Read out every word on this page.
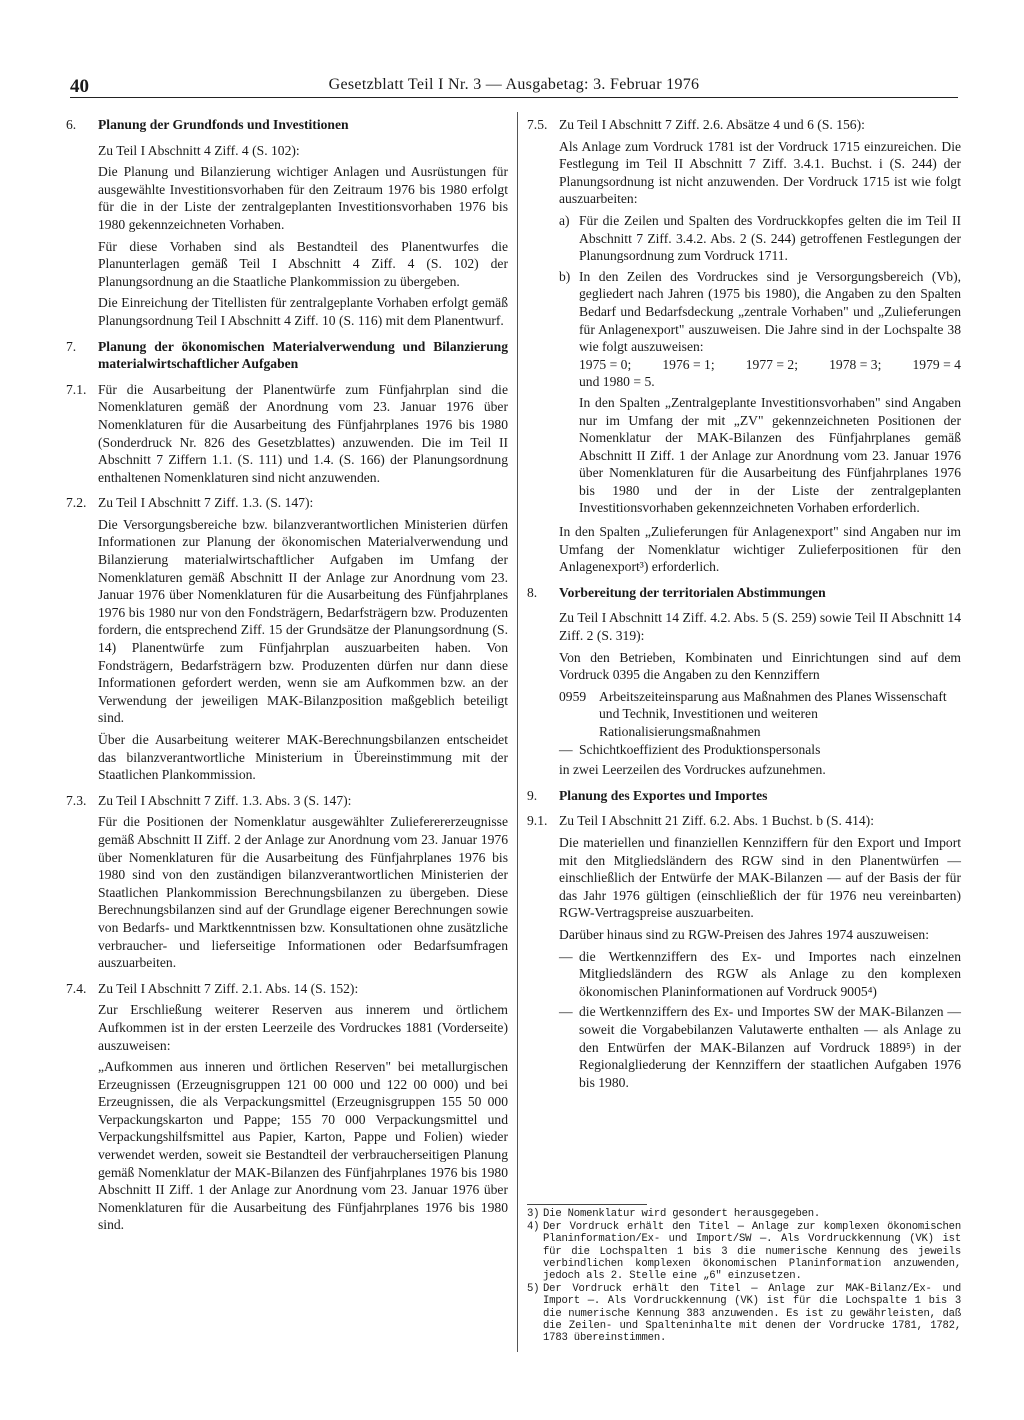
Gesetzblatt Teil I Nr. 3 — Ausgabetag: 3. Februar 1976
40
6. Planung der Grundfonds und Investitionen

Zu Teil I Abschnitt 4 Ziff. 4 (S. 102):

Die Planung und Bilanzierung wichtiger Anlagen und Ausrüstungen für ausgewählte Investitionsvorhaben für den Zeitraum 1976 bis 1980 erfolgt für die in der Liste der zentralgeplanten Investitionsvorhaben 1976 bis 1980 gekennzeichneten Vorhaben.

Für diese Vorhaben sind als Bestandteil des Planentwurfes die Planunterlagen gemäß Teil I Abschnitt 4 Ziff. 4 (S. 102) der Planungsordnung an die Staatliche Plankommission zu übergeben.

Die Einreichung der Titellisten für zentralgeplante Vorhaben erfolgt gemäß Planungsordnung Teil I Abschnitt 4 Ziff. 10 (S. 116) mit dem Planentwurf.

7. Planung der ökonomischen Materialverwendung und Bilanzierung materialwirtschaftlicher Aufgaben
7.1. Für die Ausarbeitung der Planentwürfe zum Fünfjahrplan sind die Nomenklaturen gemäß der Anordnung vom 23. Januar 1976 über Nomenklaturen für die Ausarbeitung des Fünfjahrplanes 1976 bis 1980 (Sonderdruck Nr. 826 des Gesetzblattes) anzuwenden. Die im Teil II Abschnitt 7 Ziffern 1.1. (S. 111) und 1.4. (S. 166) der Planungsordnung enthaltenen Nomenklaturen sind nicht anzuwenden.

7.2. Zu Teil I Abschnitt 7 Ziff. 1.3. (S. 147):

Die Versorgungsbereiche bzw. bilanzverantwortlichen Ministerien dürfen Informationen zur Planung der ökonomischen Materialverwendung und Bilanzierung materialwirtschaftlicher Aufgaben im Umfang der Nomenklaturen gemäß Abschnitt II der Anlage zur Anordnung vom 23. Januar 1976 über Nomenklaturen für die Ausarbeitung des Fünfjahrplanes 1976 bis 1980 nur von den Fondsträgern, Bedarfsträgern bzw. Produzenten fordern, die entsprechend Ziff. 15 der Grundsätze der Planungsordnung (S. 14) Planentwürfe zum Fünfjahrplan auszuarbeiten haben. Von Fondsträgern, Bedarfsträgern bzw. Produzenten dürfen nur dann diese Informationen gefordert werden, wenn sie am Aufkommen bzw. an der Verwendung der jeweiligen MAK-Bilanzposition maßgeblich beteiligt sind.

Über die Ausarbeitung weiterer MAK-Berechnungsbilanzen entscheidet das bilanzverantwortliche Ministerium in Übereinstimmung mit der Staatlichen Plankommission.

7.3. Zu Teil I Abschnitt 7 Ziff. 1.3. Abs. 3 (S. 147):

Für die Positionen der Nomenklatur ausgewählter Zulieferererzeugnisse gemäß Abschnitt II Ziff. 2 der Anlage zur Anordnung vom 23. Januar 1976 über Nomenklaturen für die Ausarbeitung des Fünfjahrplanes 1976 bis 1980 sind von den zuständigen bilanzverantwortlichen Ministerien der Staatlichen Plankommission Berechnungsbilanzen zu übergeben. Diese Berechnungsbilanzen sind auf der Grundlage eigener Berechnungen sowie von Bedarfs- und Marktkenntnissen bzw. Konsultationen ohne zusätzliche verbraucher- und lieferseitige Informationen oder Bedarfsumfragen auszuarbeiten.

7.4. Zu Teil I Abschnitt 7 Ziff. 2.1. Abs. 14 (S. 152):

Zur Erschließung weiterer Reserven aus innerem und örtlichem Aufkommen ist in der ersten Leerzeile des Vordruckes 1881 (Vorderseite) auszuweisen:

„Aufkommen aus inneren und örtlichen Reserven" bei metallurgischen Erzeugnissen (Erzeugnisgruppen 121 00 000 und 122 00 000) und bei Erzeugnissen, die als Verpackungsmittel (Erzeugnisgruppen 155 50 000 Verpackungskarton und Pappe; 155 70 000 Verpackungsmittel und Verpackungshilfsmittel aus Papier, Karton, Pappe und Folien) wieder verwendet werden, soweit sie Bestandteil der verbraucherseitigen Planung gemäß Nomenklatur der MAK-Bilanzen des Fünfjahrplanes 1976 bis 1980 Abschnitt II Ziff. 1 der Anlage zur Anordnung vom 23. Januar 1976 über Nomenklaturen für die Ausarbeitung des Fünfjahrplanes 1976 bis 1980 sind.

7.5. Zu Teil I Abschnitt 7 Ziff. 2.6. Absätze 4 und 6 (S. 156):

Als Anlage zum Vordruck 1781 ist der Vordruck 1715 einzureichen. Die Festlegung im Teil II Abschnitt 7 Ziff. 3.4.1. Buchst. i (S. 244) der Planungsordnung ist nicht anzuwenden. Der Vordruck 1715 ist wie folgt auszuarbeiten:

a) Für die Zeilen und Spalten des Vordruckkopfes gelten die im Teil II Abschnitt 7 Ziff. 3.4.2. Abs. 2 (S. 244) getroffenen Festlegungen der Planungsordnung zum Vordruck 1711.
b) In den Zeilen des Vordruckes sind je Versorgungsbereich (Vb), gegliedert nach Jahren (1975 bis 1980), die Angaben zu den Spalten Bedarf und Bedarfsdeckung „zentrale Vorhaben" und „Zulieferungen für Anlagenexport" auszuweisen. Die Jahre sind in der Lochspalte 38 wie folgt auszuweisen:
1975 = 0; 1976 = 1; 1977 = 2; 1978 = 3; 1979 = 4
und 1980 = 5.
In den Spalten „Zentralgeplante Investitionsvorhaben" sind Angaben nur im Umfang der mit „ZV" gekennzeichneten Positionen der Nomenklatur der MAK-Bilanzen des Fünfjahrplanes gemäß Abschnitt II Ziff. 1 der Anlage zur Anordnung vom 23. Januar 1976 über Nomenklaturen für die Ausarbeitung des Fünfjahrplanes 1976 bis 1980 und der in der Liste der zentralgeplanten Investitionsvorhaben gekennzeichneten Vorhaben erforderlich.

In den Spalten „Zulieferungen für Anlagenexport" sind Angaben nur im Umfang der Nomenklatur wichtiger Zulieferpositionen für den Anlagenexport³) erforderlich.

8. Vorbereitung der territorialen Abstimmungen

Zu Teil I Abschnitt 14 Ziff. 4.2. Abs. 5 (S. 259) sowie Teil II Abschnitt 14 Ziff. 2 (S. 319):

Von den Betrieben, Kombinaten und Einrichtungen sind auf dem Vordruck 0395 die Angaben zu den Kennziffern

0959 Arbeitszeiteinsparung aus Maßnahmen des Planes Wissenschaft und Technik, Investitionen und weiteren Rationalisierungsmaßnahmen
— Schichtkoeffizient des Produktionspersonals

in zwei Leerzeilen des Vordruckes aufzunehmen.

9. Planung des Exportes und Importes
9.1. Zu Teil I Abschnitt 21 Ziff. 6.2. Abs. 1 Buchst. b (S. 414):

Die materiellen und finanziellen Kennziffern für den Export und Import mit den Mitgliedsländern des RGW sind in den Planentwürfen — einschließlich der Entwürfe der MAK-Bilanzen — auf der Basis der für das Jahr 1976 gültigen (einschließlich der für 1976 neu vereinbarten) RGW-Vertragspreise auszuarbeiten.

Darüber hinaus sind zu RGW-Preisen des Jahres 1974 auszuweisen:

— die Wertkennziffern des Ex- und Importes nach einzelnen Mitgliedsländern des RGW als Anlage zu den komplexen ökonomischen Planinformationen auf Vordruck 9005⁴)
— die Wertkennziffern des Ex- und Importes SW der MAK-Bilanzen — soweit die Vorgabebilanzen Valutawerte enthalten — als Anlage zu den Entwürfen der MAK-Bilanzen auf Vordruck 1889⁵) in der Regionalgliederung der Kennziffern der staatlichen Aufgaben 1976 bis 1980.
3) Die Nomenklatur wird gesondert herausgegeben.
4) Der Vordruck erhält den Titel — Anlage zur komplexen ökonomischen Planinformation/Ex- und Import/SW —. Als Vordruckkennung (VK) ist für die Lochspalten 1 bis 3 die numerische Kennung des jeweils verbindlichen komplexen ökonomischen Planinformation anzuwenden, jedoch als 2. Stelle eine „6" einzusetzen.
5) Der Vordruck erhält den Titel — Anlage zur MAK-Bilanz/Ex- und Import —. Als Vordruckkennung (VK) ist für die Lochspalte 1 bis 3 die numerische Kennung 383 anzuwenden. Es ist zu gewährleisten, daß die Zeilen- und Spalteninhalte mit denen der Vordrucke 1781, 1782, 1783 übereinstimmen.
